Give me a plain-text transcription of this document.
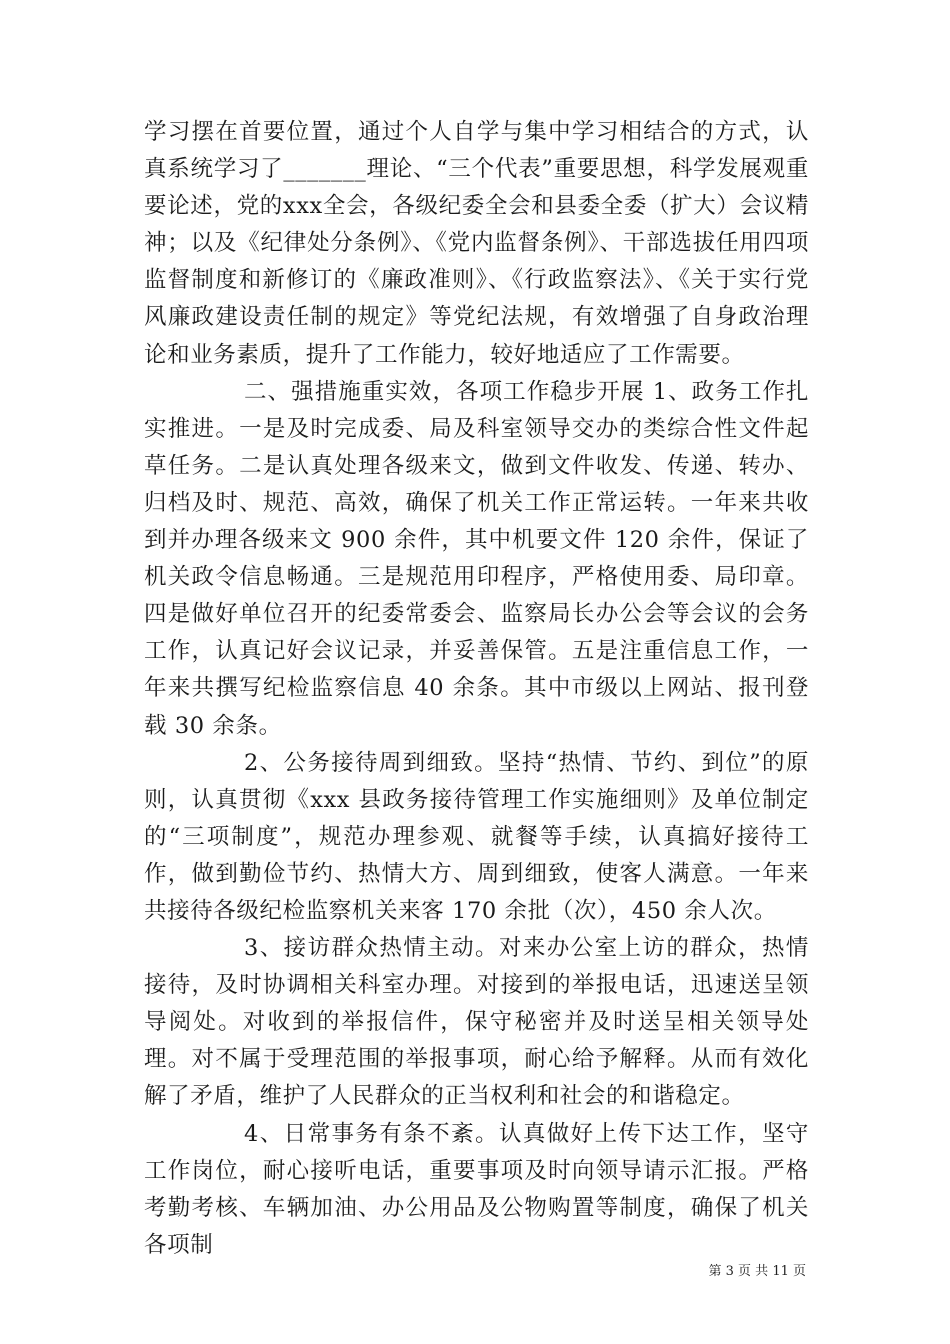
学习摆在首要位置，通过个人自学与集中学习相结合的方式，认真系统学习了_______理论、“三个代表”重要思想，科学发展观重要论述，党的xxx全会，各级纪委全会和县委全委（扩大）会议精神；以及《纪律处分条例》、《党内监督条例》、干部选拔任用四项监督制度和新修订的《廉政准则》、《行政监察法》、《关于实行党风廉政建设责任制的规定》等党纪法规，有效增强了自身政治理论和业务素质，提升了工作能力，较好地适应了工作需要。

二、强措施重实效，各项工作稳步开展 1、政务工作扎实推进。一是及时完成委、局及科室领导交办的类综合性文件起草任务。二是认真处理各级来文，做到文件收发、传递、转办、归档及时、规范、高效，确保了机关工作正常运转。一年来共收到并办理各级来文 900 余件，其中机要文件 120 余件，保证了机关政令信息畅通。三是规范用印程序，严格使用委、局印章。四是做好单位召开的纪委常委会、监察局长办公会等会议的会务工作，认真记好会议记录，并妥善保管。五是注重信息工作，一年来共撰写纪检监察信息 40 余条。其中市级以上网站、报刊登载 30 余条。

2、公务接待周到细致。坚持“热情、节约、到位”的原则，认真贯彻《xxx 县政务接待管理工作实施细则》及单位制定的“三项制度”，规范办理参观、就餐等手续，认真搞好接待工作，做到勤俭节约、热情大方、周到细致，使客人满意。一年来共接待各级纪检监察机关来客 170 余批（次），450 余人次。

3、接访群众热情主动。对来办公室上访的群众，热情接待，及时协调相关科室办理。对接到的举报电话，迅速送呈领导阅处。对收到的举报信件，保守秘密并及时送呈相关领导处理。对不属于受理范围的举报事项，耐心给予解释。从而有效化解了矛盾，维护了人民群众的正当权利和社会的和谐稳定。

4、日常事务有条不紊。认真做好上传下达工作，坚守工作岗位，耐心接听电话，重要事项及时向领导请示汇报。严格考勤考核、车辆加油、办公用品及公物购置等制度，确保了机关各项制

第 3 页 共 11 页
